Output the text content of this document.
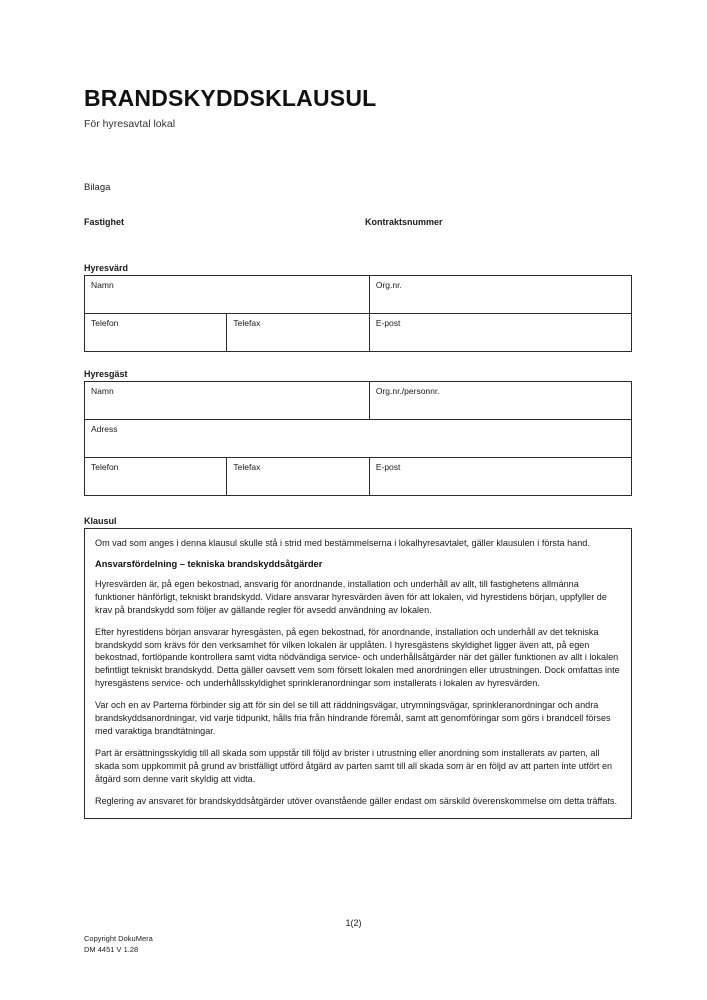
BRANDSKYDDSKLAUSUL
För hyresavtal lokal
Bilaga
Fastighet	Kontraktsnummer
Hyresvärd
Namn		Org.nr.
Telefon	Telefax	E-post
Hyresgäst
Namn		Org.nr./personnr.
Adress		
Telefon	Telefax	E-post
Klausul

Om vad som anges i denna klausul skulle stå i strid med bestämmelserna i lokalhyresavtalet, gäller klausulen i första hand.

Ansvarsfördelning – tekniska brandskyddsåtgärder

Hyresvärden är, på egen bekostnad, ansvarig för anordnande, installation och underhåll av allt, till fastighetens allmänna funktioner hänförligt, tekniskt brandskydd. Vidare ansvarar hyresvärden även för att lokalen, vid hyrestidens början, uppfyller de krav på brandskydd som följer av gällande regler för avsedd användning av lokalen.

Efter hyrestidens början ansvarar hyresgästen, på egen bekostnad, för anordnande, installation och underhåll av det tekniska brandskydd som krävs för den verksamhet för vilken lokalen är upplåten. I hyresgästens skyldighet ligger även att, på egen bekostnad, fortlöpande kontrollera samt vidta nödvändiga service- och underhållsåtgärder när det gäller funktionen av allt i lokalen befintligt tekniskt brandskydd. Detta gäller oavsett vem som försett lokalen med anordningen eller utrustningen. Dock omfattas inte hyresgästens service- och underhållsskyldighet sprinkleranordningar som installerats i lokalen av hyresvärden.

Var och en av Parterna förbinder sig att för sin del se till att räddningsvägar, utrymningsvägar, sprinkleranordningar och andra brandskyddsanordningar, vid varje tidpunkt, hålls fria från hindrande föremål, samt att genomföringar som görs i brandcell förses med varaktiga brandtätningar.

Part är ersättningsskyldig till all skada som uppstår till följd av brister i utrustning eller anordning som installerats av parten, all skada som uppkommit på grund av bristfälligt utförd åtgärd av parten samt till all skada som är en följd av att parten inte utfört en åtgärd som denne varit skyldig att vidta.

Reglering av ansvaret för brandskyddsåtgärder utöver ovanstående gäller endast om särskild överenskommelse om detta träffats.

1(2)
Copyright DokuMera
DM 4451 V 1.28
